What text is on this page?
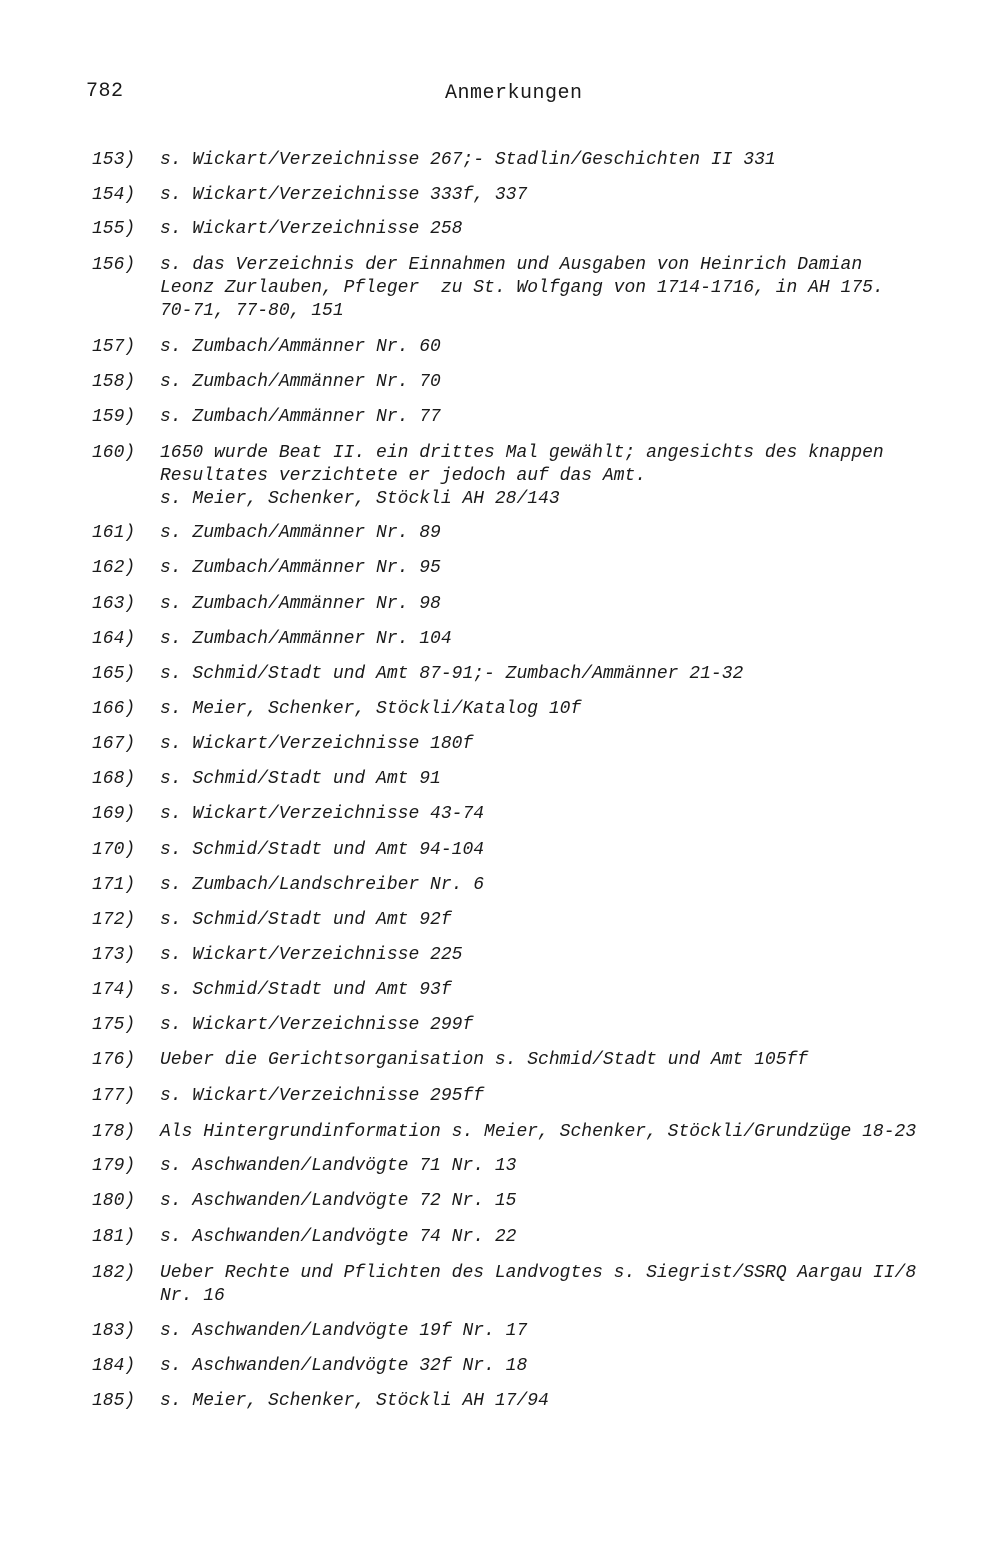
782	Anmerkungen
153)	s. Wickart/Verzeichnisse 267;- Stadlin/Geschichten II 331
154)	s. Wickart/Verzeichnisse 333f, 337
155)	s. Wickart/Verzeichnisse 258
156)	s. das Verzeichnis der Einnahmen und Ausgaben von Heinrich Damian
Leonz Zurlauben, Pfleger  zu St. Wolfgang von 1714-1716, in AH 175.
70-71, 77-80, 151
157)	s. Zumbach/Ammänner Nr. 60
158)	s. Zumbach/Ammänner Nr. 70
159)	s. Zumbach/Ammänner Nr. 77
160)	1650 wurde Beat II. ein drittes Mal gewählt; angesichts des knappen
Resultates verzichtete er jedoch auf das Amt.
s. Meier, Schenker, Stöckli AH 28/143
161)	s. Zumbach/Ammänner Nr. 89
162)	s. Zumbach/Ammänner Nr. 95
163)	s. Zumbach/Ammänner Nr. 98
164)	s. Zumbach/Ammänner Nr. 104
165)	s. Schmid/Stadt und Amt 87-91;- Zumbach/Ammänner 21-32
166)	s. Meier, Schenker, Stöckli/Katalog 10f
167)	s. Wickart/Verzeichnisse 180f
168)	s. Schmid/Stadt und Amt 91
169)	s. Wickart/Verzeichnisse 43-74
170)	s. Schmid/Stadt und Amt 94-104
171)	s. Zumbach/Landschreiber Nr. 6
172)	s. Schmid/Stadt und Amt 92f
173)	s. Wickart/Verzeichnisse 225
174)	s. Schmid/Stadt und Amt 93f
175)	s. Wickart/Verzeichnisse 299f
176)	Ueber die Gerichtsorganisation s. Schmid/Stadt und Amt 105ff
177)	s. Wickart/Verzeichnisse 295ff
178)	Als Hintergrundinformation s. Meier, Schenker, Stöckli/Grundzüge 18-23
179)	s. Aschwanden/Landvögte 71 Nr. 13
180)	s. Aschwanden/Landvögte 72 Nr. 15
181)	s. Aschwanden/Landvögte 74 Nr. 22
182)	Ueber Rechte und Pflichten des Landvogtes s. Siegrist/SSRQ Aargau II/8
Nr. 16
183)	s. Aschwanden/Landvögte 19f Nr. 17
184)	s. Aschwanden/Landvögte 32f Nr. 18
185)	s. Meier, Schenker, Stöckli AH 17/94
